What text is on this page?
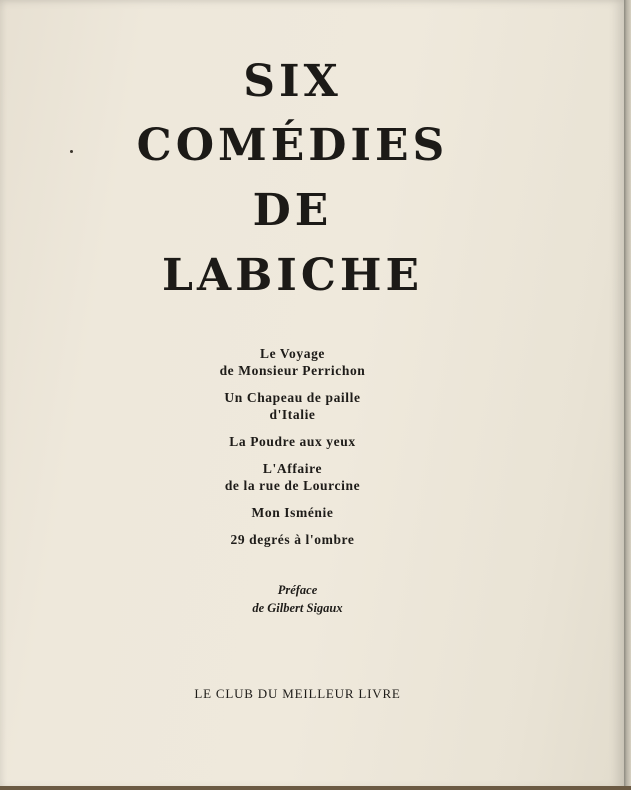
SIX
COMÉDIES
DE
LABICHE
Le Voyage
de Monsieur Perrichon
Un Chapeau de paille
d'Italie
La Poudre aux yeux
L'Affaire
de la rue de Lourcine
Mon Isménie
29 degrés à l'ombre
Préface
de Gilbert Sigaux
LE CLUB DU MEILLEUR LIVRE
